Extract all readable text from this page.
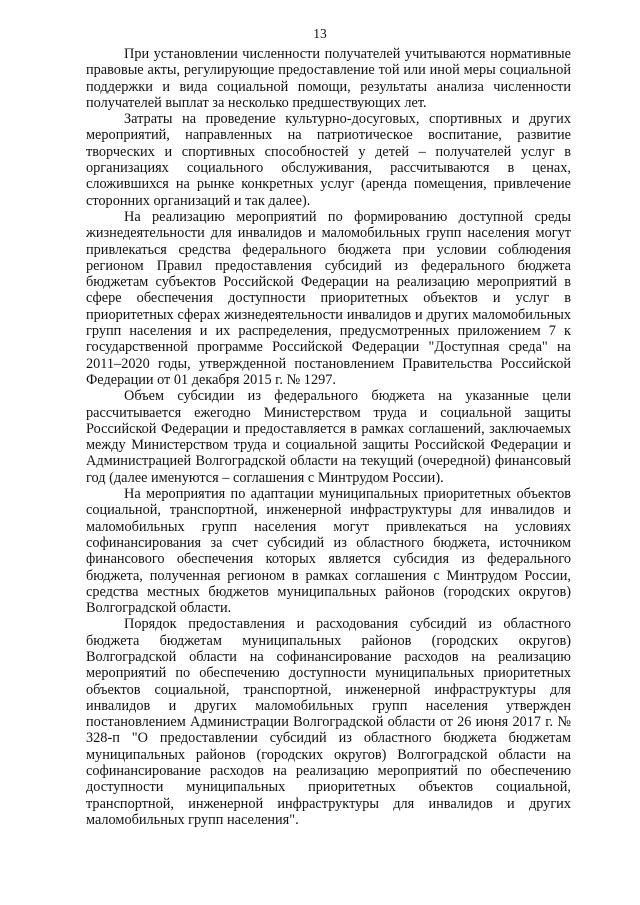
13

При установлении численности получателей учитываются нормативные правовые акты, регулирующие предоставление той или иной меры социальной поддержки и вида социальной помощи, результаты анализа численности получателей выплат за несколько предшествующих лет.

Затраты на проведение культурно-досуговых, спортивных и других мероприятий, направленных на патриотическое воспитание, развитие творческих и спортивных способностей у детей – получателей услуг в организациях социального обслуживания, рассчитываются в ценах, сложившихся на рынке конкретных услуг (аренда помещения, привлечение сторонних организаций и так далее).

На реализацию мероприятий по формированию доступной среды жизнедеятельности для инвалидов и маломобильных групп населения могут привлекаться средства федерального бюджета при условии соблюдения регионом Правил предоставления субсидий из федерального бюджета бюджетам субъектов Российской Федерации на реализацию мероприятий в сфере обеспечения доступности приоритетных объектов и услуг в приоритетных сферах жизнедеятельности инвалидов и других маломобильных групп населения и их распределения, предусмотренных приложением 7 к государственной программе Российской Федерации "Доступная среда" на 2011–2020 годы, утвержденной постановлением Правительства Российской Федерации от 01 декабря 2015 г. № 1297.

Объем субсидии из федерального бюджета на указанные цели рассчитывается ежегодно Министерством труда и социальной защиты Российской Федерации и предоставляется в рамках соглашений, заключаемых между Министерством труда и социальной защиты Российской Федерации и Администрацией Волгоградской области на текущий (очередной) финансовый год (далее именуются – соглашения с Минтрудом России).

На мероприятия по адаптации муниципальных приоритетных объектов социальной, транспортной, инженерной инфраструктуры для инвалидов и маломобильных групп населения могут привлекаться на условиях софинансирования за счет субсидий из областного бюджета, источником финансового обеспечения которых является субсидия из федерального бюджета, полученная регионом в рамках соглашения с Минтрудом России, средства местных бюджетов муниципальных районов (городских округов) Волгоградской области.

Порядок предоставления и расходования субсидий из областного бюджета бюджетам муниципальных районов (городских округов) Волгоградской области на софинансирование расходов на реализацию мероприятий по обеспечению доступности муниципальных приоритетных объектов социальной, транспортной, инженерной инфраструктуры для инвалидов и других маломобильных групп населения утвержден постановлением Администрации Волгоградской области от 26 июня 2017 г. № 328-п "О предоставлении субсидий из областного бюджета бюджетам муниципальных районов (городских округов) Волгоградской области на софинансирование расходов на реализацию мероприятий по обеспечению доступности муниципальных приоритетных объектов социальной, транспортной, инженерной инфраструктуры для инвалидов и других маломобильных групп населения".
